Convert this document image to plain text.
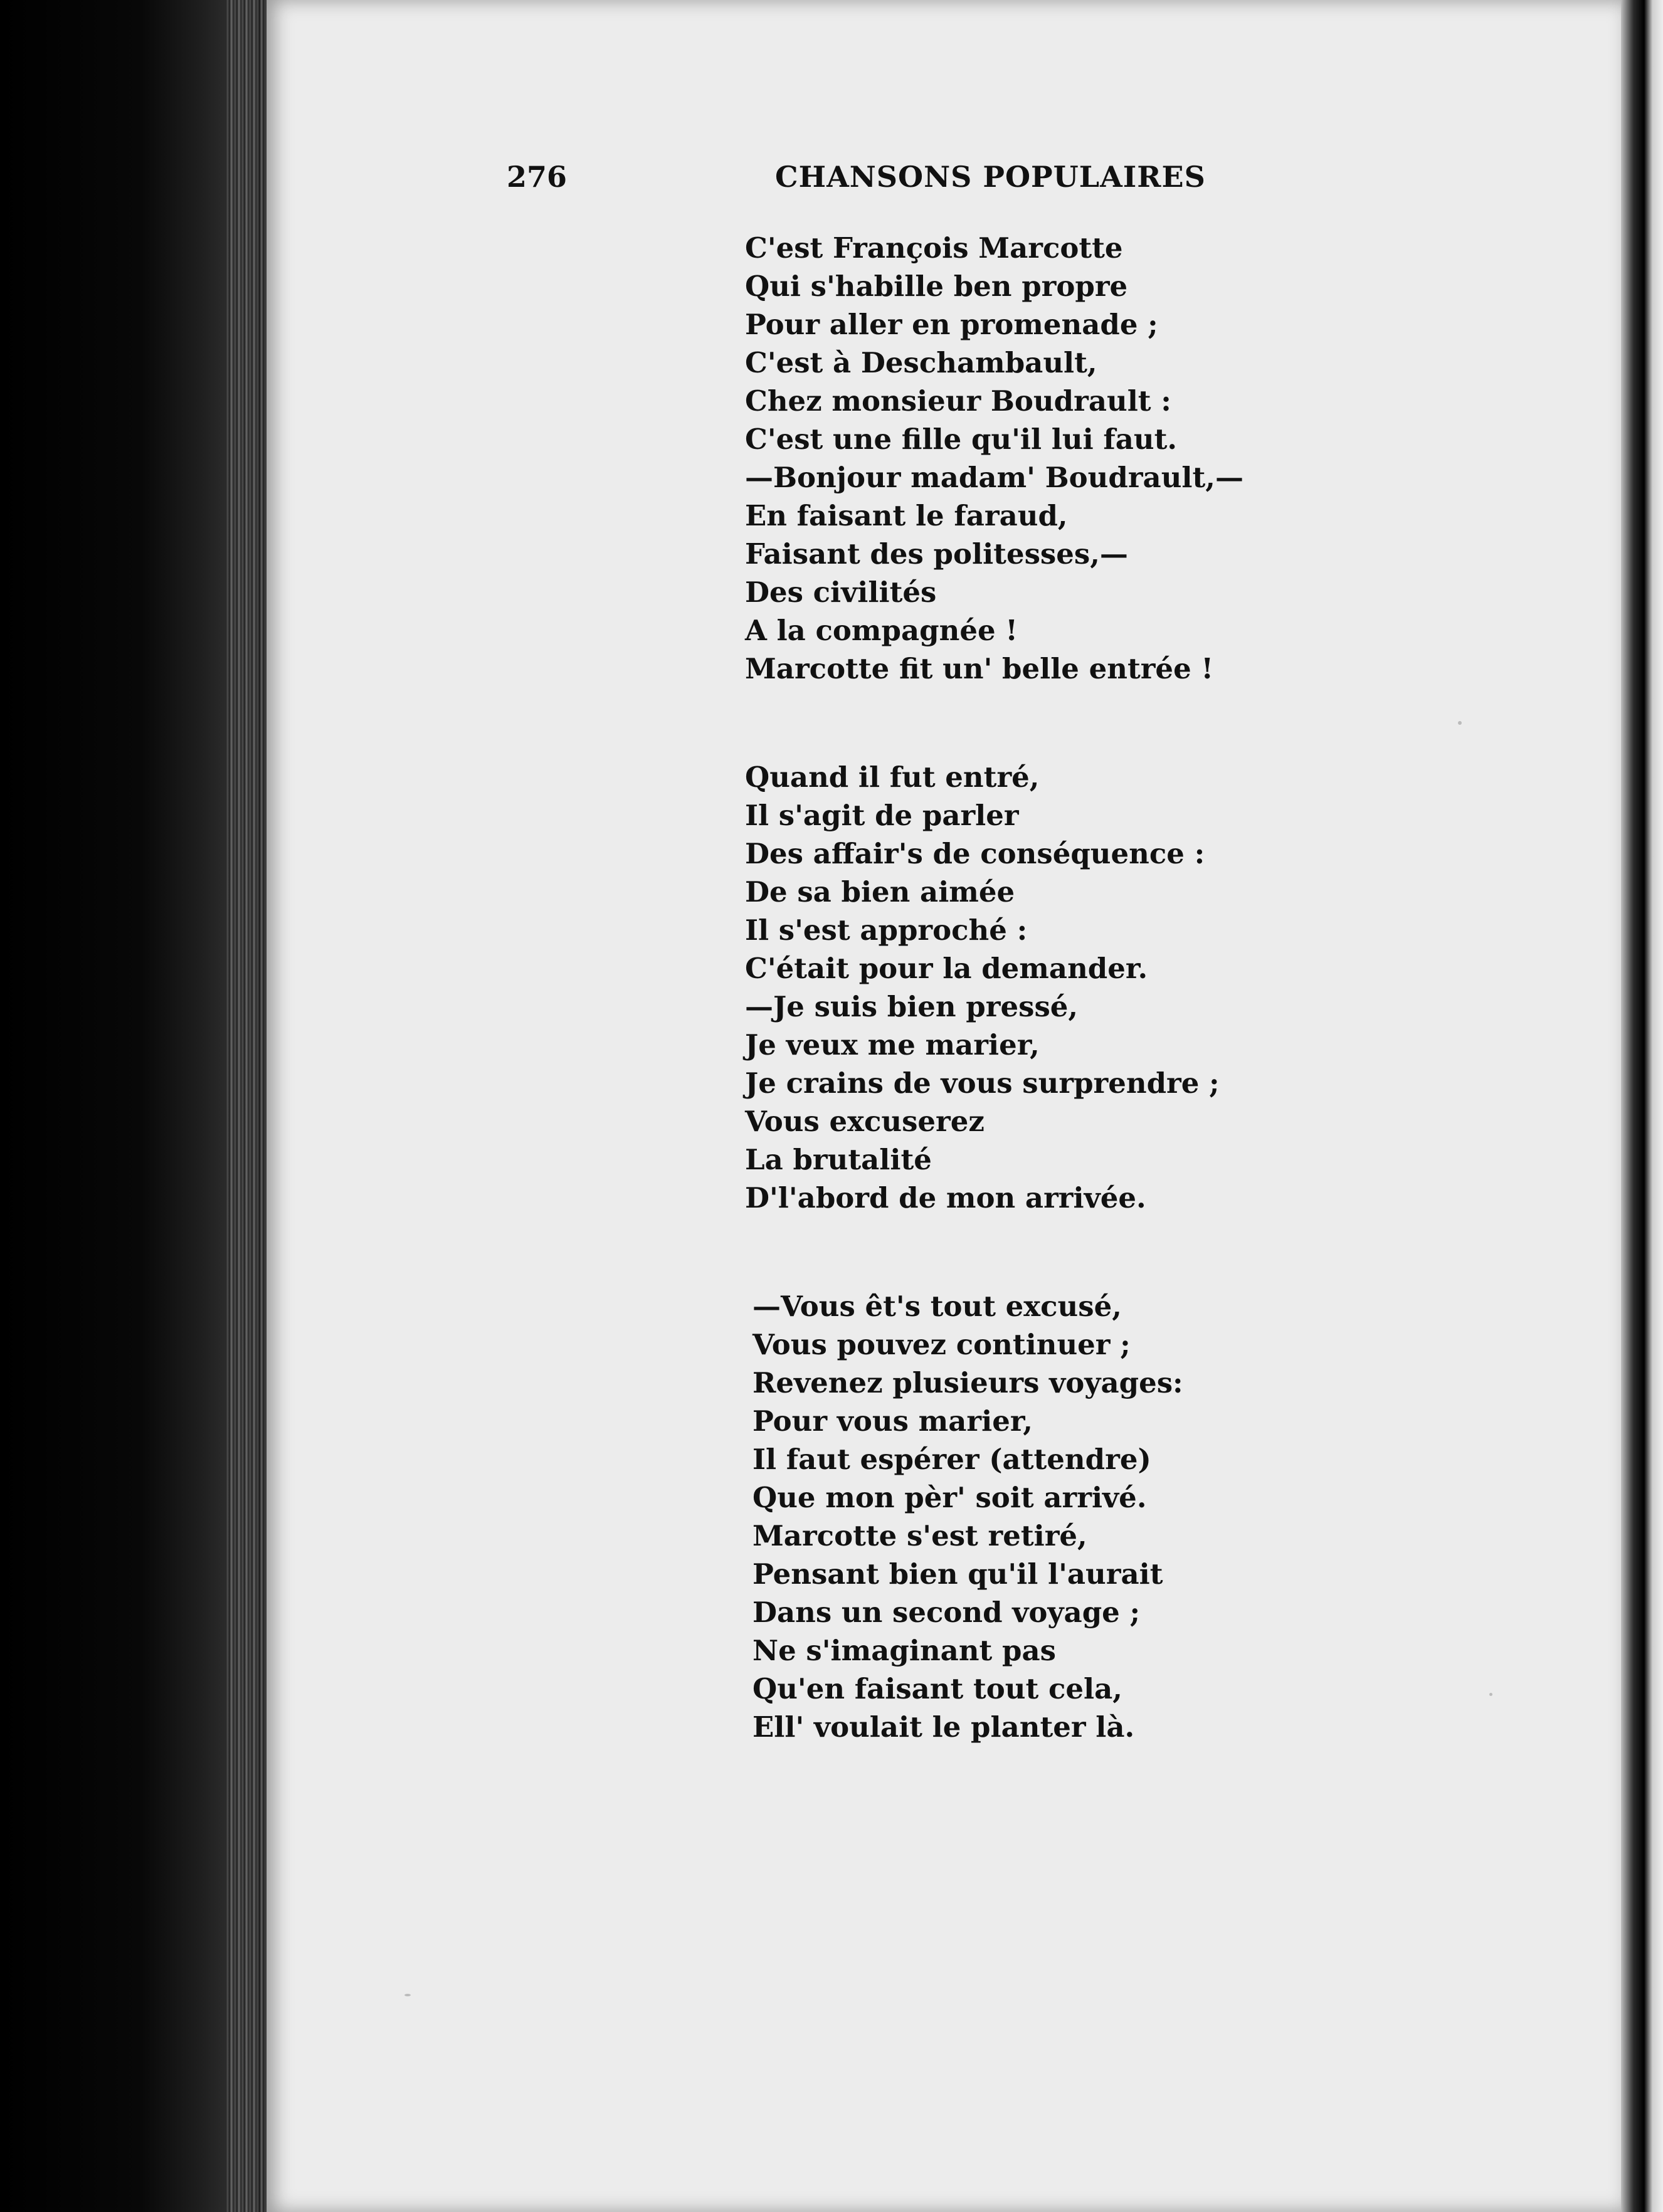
276	CHANSONS POPULAIRES
C'est François Marcotte
Qui s'habille ben propre
Pour aller en promenade ;
C'est à Deschambault,
Chez monsieur Boudrault :
C'est une fille qu'il lui faut.
—Bonjour madam' Boudrault,—
En faisant le faraud,
Faisant des politesses,—
Des civilités
A la compagnée !
Marcotte fit un' belle entrée !
Quand il fut entré,
Il s'agit de parler
Des affair's de conséquence :
De sa bien aimée
Il s'est approché :
C'était pour la demander.
—Je suis bien pressé,
Je veux me marier,
Je crains de vous surprendre ;
Vous excuserez
La brutalité
D'l'abord de mon arrivée.
—Vous êt's tout excusé,
Vous pouvez continuer ;
Revenez plusieurs voyages:
Pour vous marier,
Il faut espérer (attendre)
Que mon pèr' soit arrivé.
Marcotte s'est retiré,
Pensant bien qu'il l'aurait
Dans un second voyage ;
Ne s'imaginant pas
Qu'en faisant tout cela,
Ell' voulait le planter là.
